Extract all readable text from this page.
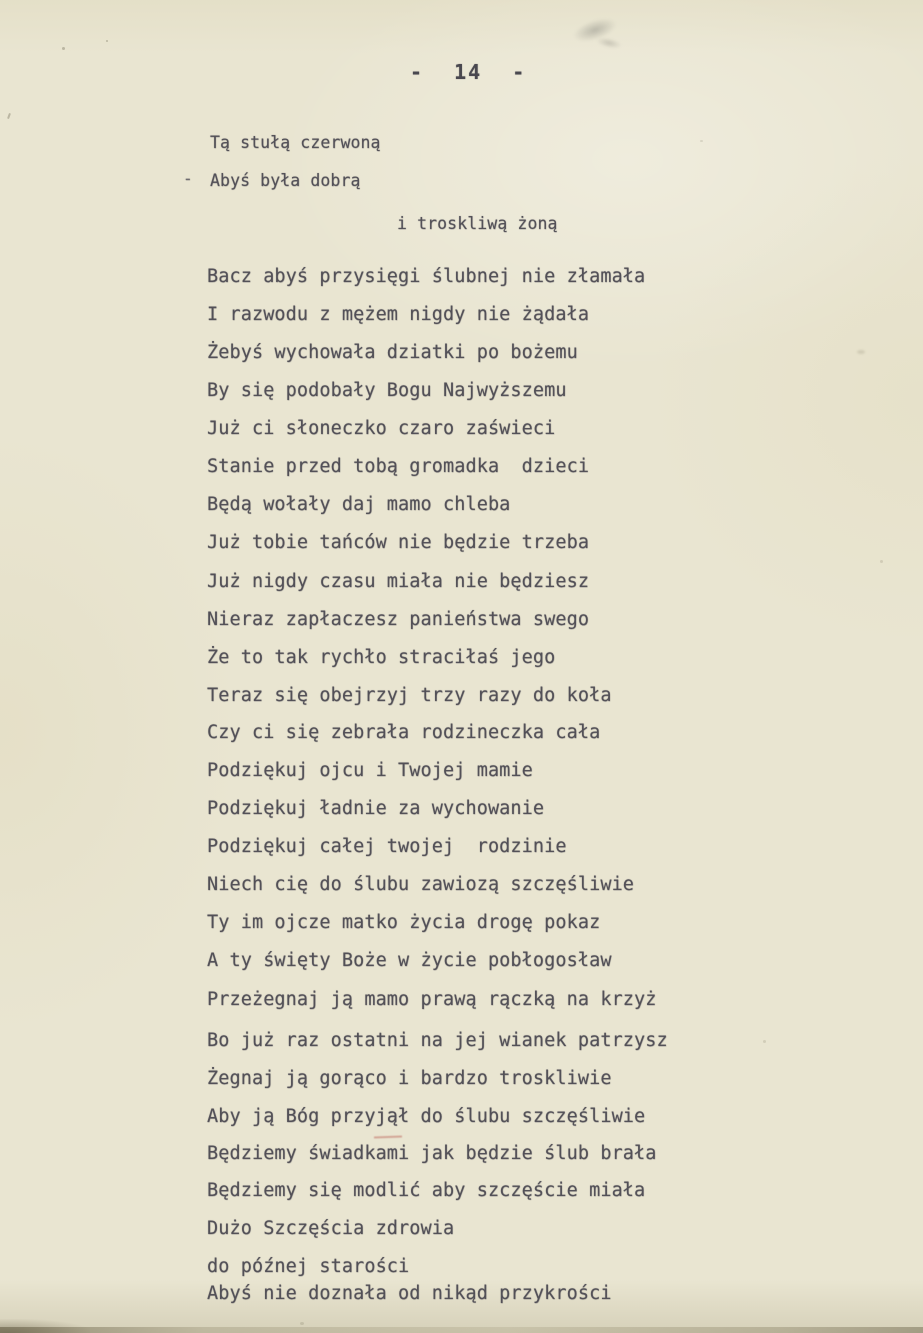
- 14 -
-
Tą stułą czerwoną
Abyś była dobrą
i troskliwą żoną
Bacz abyś przysięgi ślubnej nie złamała
I razwodu z mężem nigdy nie żądała
Żebyś wychowała dziatki po bożemu
By się podobały Bogu Najwyższemu
Już ci słoneczko czaro zaświeci
Stanie przed tobą gromadka  dzieci
Będą wołały daj mamo chleba
Już tobie tańców nie będzie trzeba
Już nigdy czasu miała nie będziesz
Nieraz zapłaczesz panieństwa swego
Że to tak rychło straciłaś jego
Teraz się obejrzyj trzy razy do koła
Czy ci się zebrała rodzineczka cała
Podziękuj ojcu i Twojej mamie
Podziękuj ładnie za wychowanie
Podziękuj całej twojej  rodzinie
Niech cię do ślubu zawiozą szczęśliwie
Ty im ojcze matko życia drogę pokaz
A ty święty Boże w życie pobłogosław
Przeżegnaj ją mamo prawą rączką na krzyż
Bo już raz ostatni na jej wianek patrzysz
Żegnaj ją gorąco i bardzo troskliwie
Aby ją Bóg przyjął do ślubu szczęśliwie
Będziemy świadkami jak będzie ślub brała
Będziemy się modlić aby szczęście miała
Dużo Szczęścia zdrowia
do późnej starości
Abyś nie doznała od nikąd przykrości
